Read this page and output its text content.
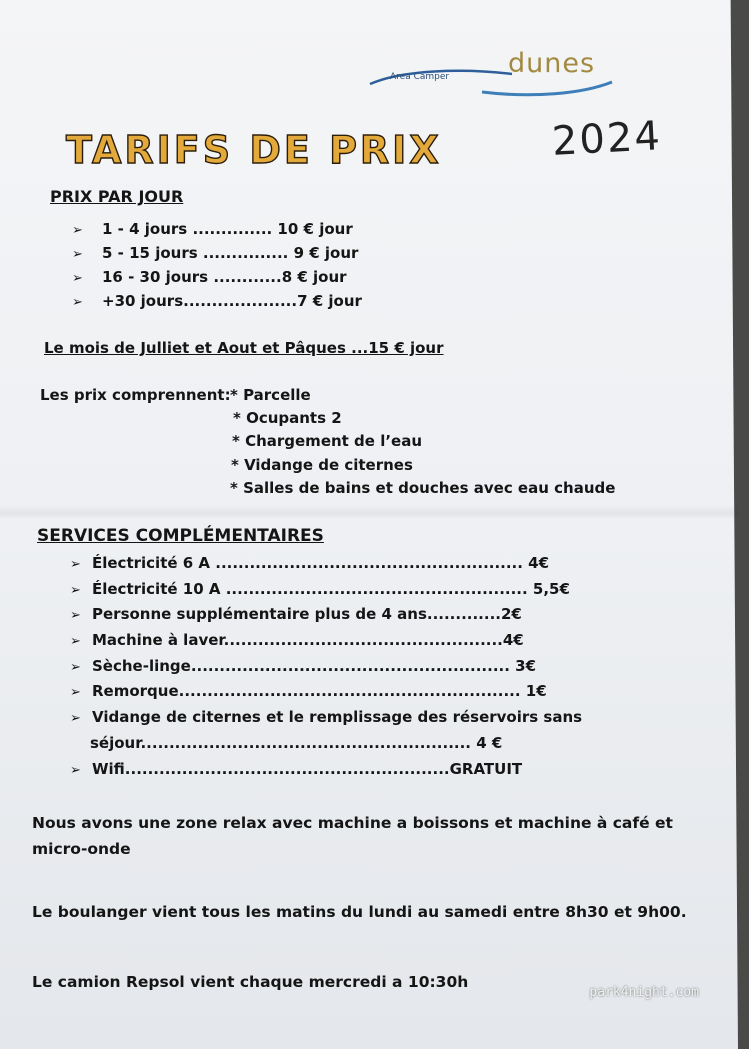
Area Camper dunes
TARIFS DE PRIX	2024
PRIX PAR JOUR
➢ 1 - 4 jours .............. 10 € jour
➢ 5 - 15 jours ............... 9 € jour
➢ 16 - 30 jours ............8 € jour
➢ +30 jours....................7 € jour
Le mois de Julliet et Aout et Pâques ...15 € jour
Les prix comprennent: * Parcelle
* Ocupants 2
* Chargement de l’eau
* Vidange de citernes
* Salles de bains et douches avec eau chaude
SERVICES COMPLÉMENTAIRES
➢ Électricité 6 A ...................................................... 4€
➢ Électricité 10 A ..................................................... 5,5€
➢ Personne supplémentaire plus de 4 ans.............2€
➢ Machine à laver.................................................4€
➢ Sèche-linge........................................................ 3€
➢ Remorque............................................................ 1€
➢ Vidange de citernes et le remplissage des réservoirs sans
séjour.......................................................... 4 €
➢ Wifi.........................................................GRATUIT
Nous avons une zone relax avec machine a boissons et machine à café et
micro-onde
Le boulanger vient tous les matins du lundi au samedi entre 8h30 et 9h00.
Le camion Repsol vient chaque mercredi a 10:30h
park4night.com
